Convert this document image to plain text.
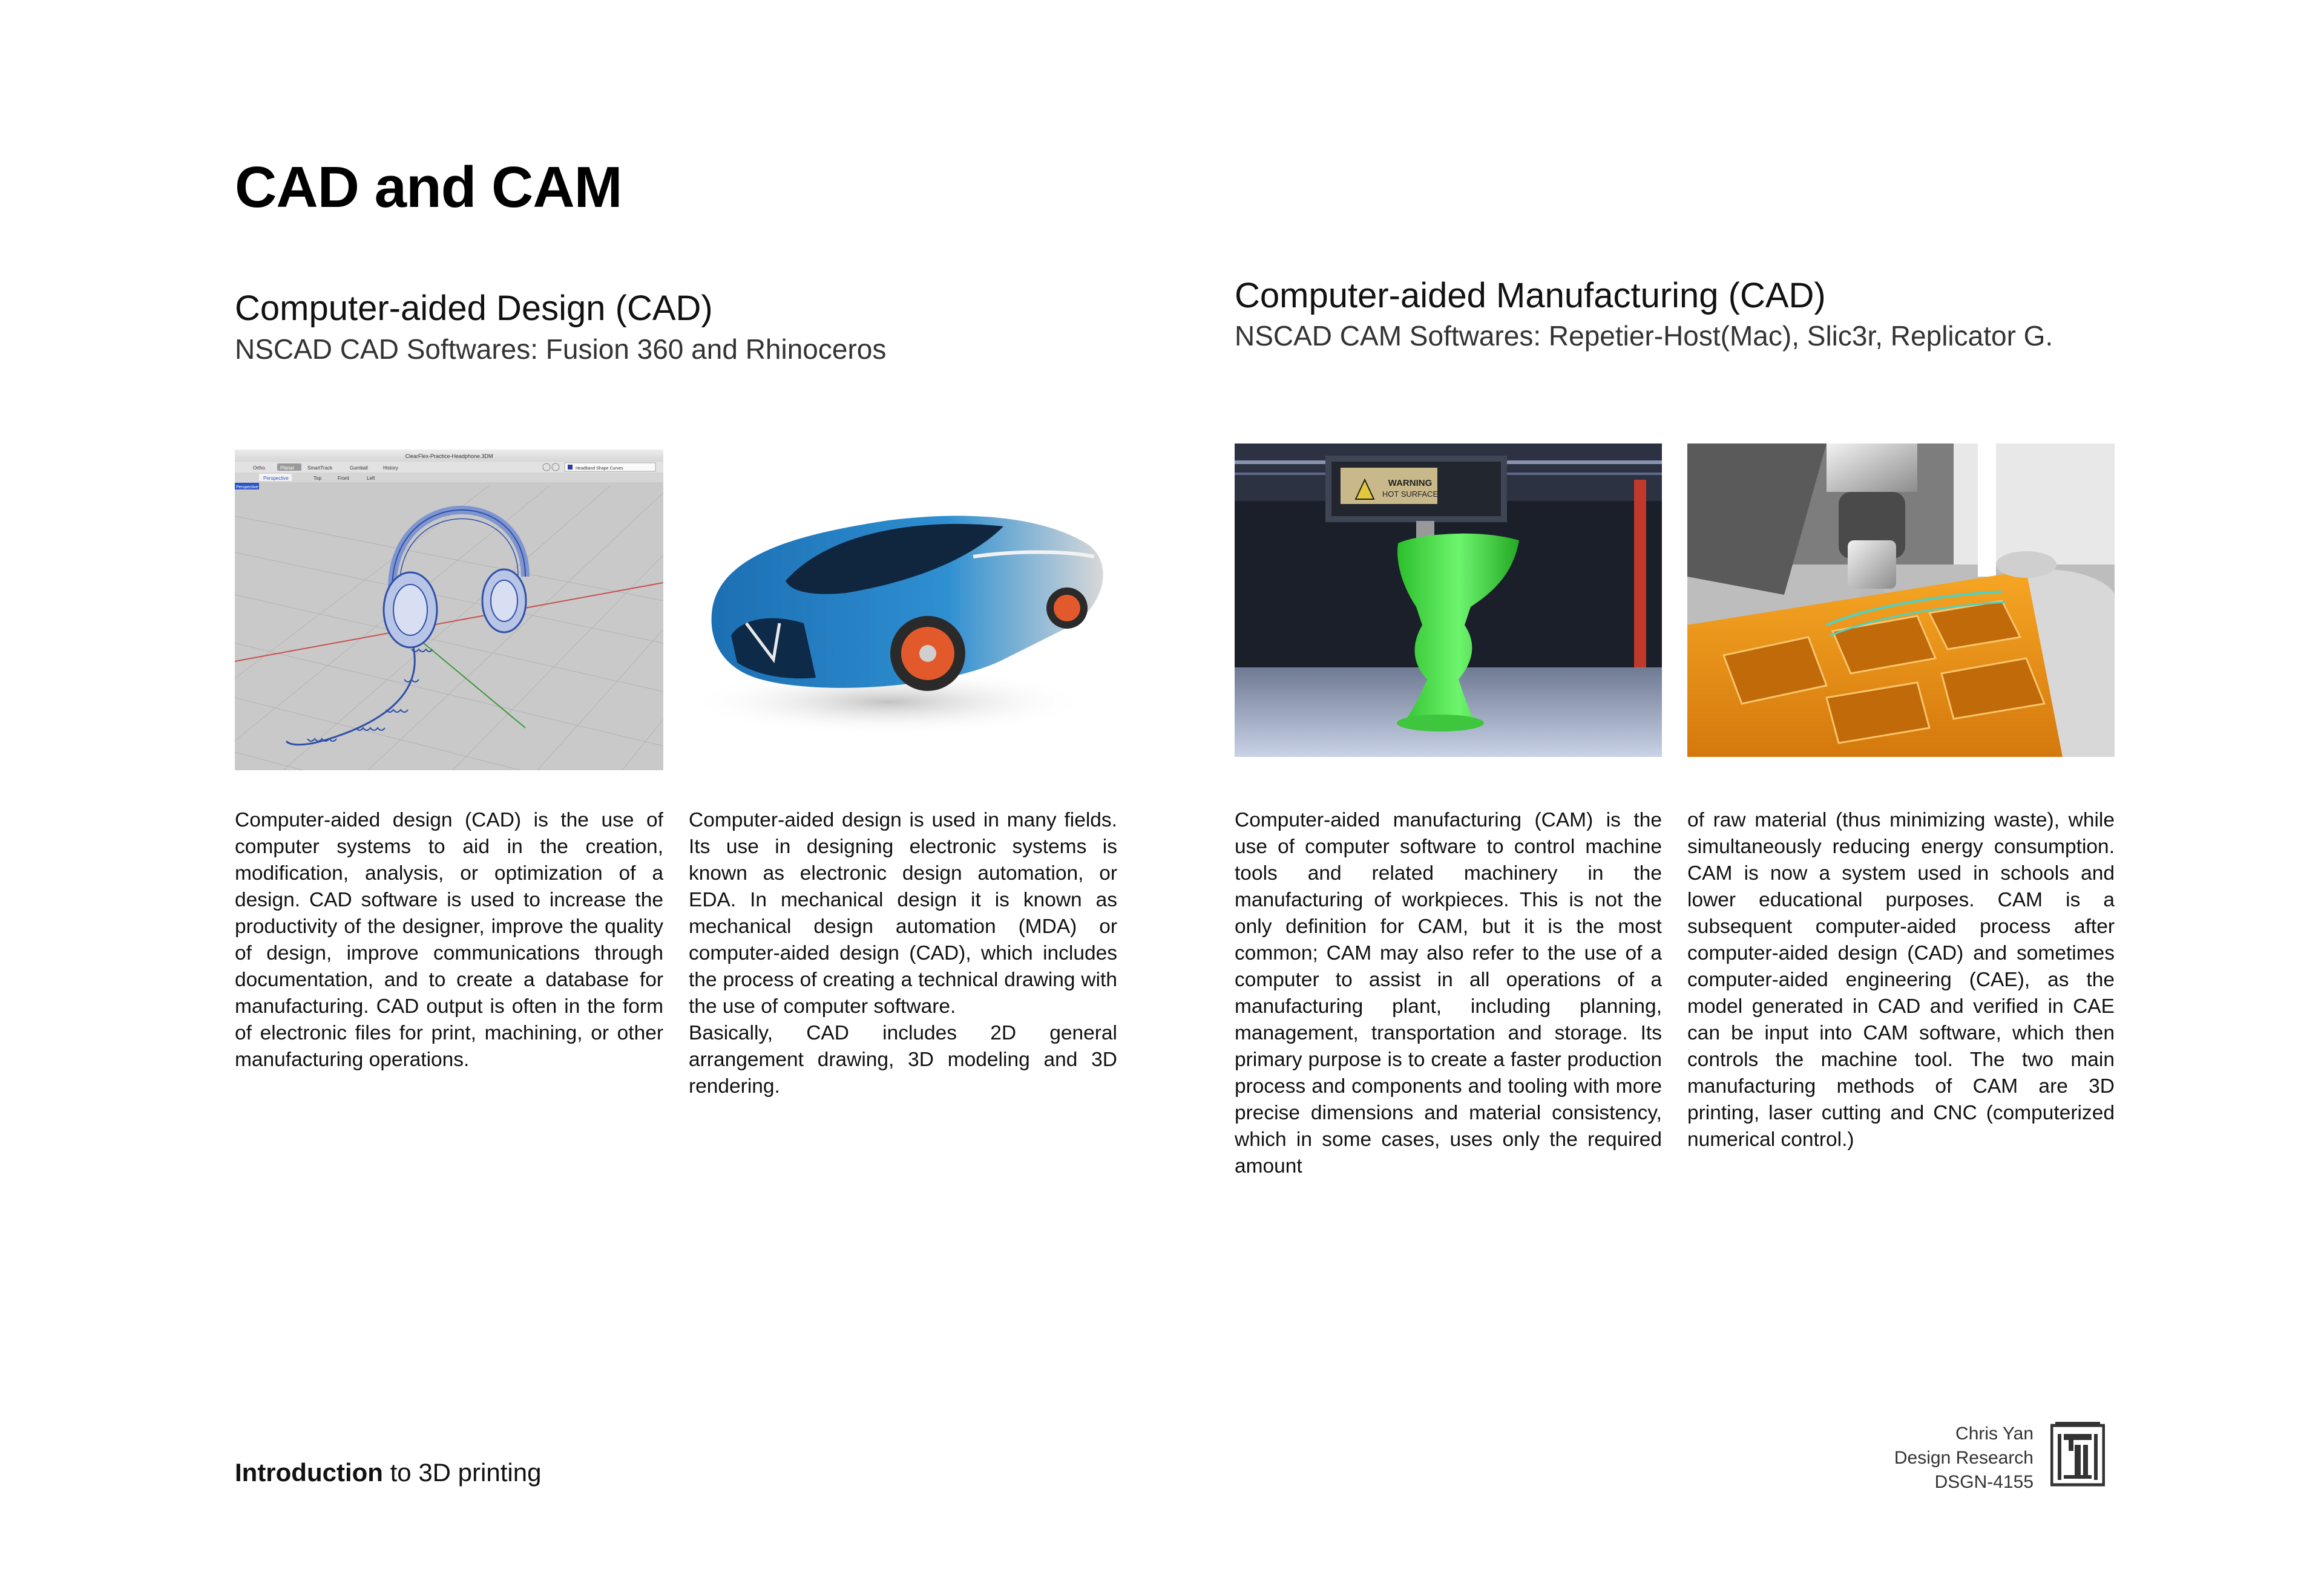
CAD and CAM
Computer-aided Design (CAD)
NSCAD CAD Softwares: Fusion 360 and Rhinoceros
Computer-aided Manufacturing (CAD)
NSCAD CAM Softwares: Repetier-Host(Mac), Slic3r, Replicator G.
ClearFlex-Practice-Headphone.3DM
Ortho	Planar	SmartTrack	Gumball	History	Headband Shape Curves
Perspective	Top	Front	Left
Perspective	WARNING
HOT SURFACE
Computer-aided design (CAD) is the use of computer systems to aid in the creation, modification, analysis, or optimization of a design. CAD software is used to increase the productivity of the designer, improve the quality of design, improve communications through documentation, and to create a database for manufacturing. CAD output is often in the form of electronic files for print, machining, or other manufacturing operations.

Computer-aided design is used in many fields. Its use in designing electronic systems is known as electronic design automation, or EDA. In mechanical design it is known as mechanical design automation (MDA) or computer-aided design (CAD), which includes the process of creating a technical drawing with the use of computer software.

Basically, CAD includes 2D general arrangement drawing, 3D modeling and 3D rendering.

Computer-aided manufacturing (CAM) is the use of computer software to control machine tools and related machinery in the manufacturing of workpieces. This is not the only definition for CAM, but it is the most common; CAM may also refer to the use of a computer to assist in all operations of a manufacturing plant, including planning, management, transportation and storage. Its primary purpose is to create a faster production process and components and tooling with more precise dimensions and material consistency, which in some cases, uses only the required amount
of raw material (thus minimizing waste), while simultaneously reducing energy consumption. CAM is now a system used in schools and lower educational purposes. CAM is a subsequent computer-aided process after computer-aided design (CAD) and sometimes computer-aided engineering (CAE), as the model generated in CAD and verified in CAE can be input into CAM software, which then controls the machine tool. The two main manufacturing methods of CAM are 3D printing, laser cutting and CNC (computerized numerical control.)
Introduction to 3D printing
Chris Yan
Design Research
DSGN-4155
